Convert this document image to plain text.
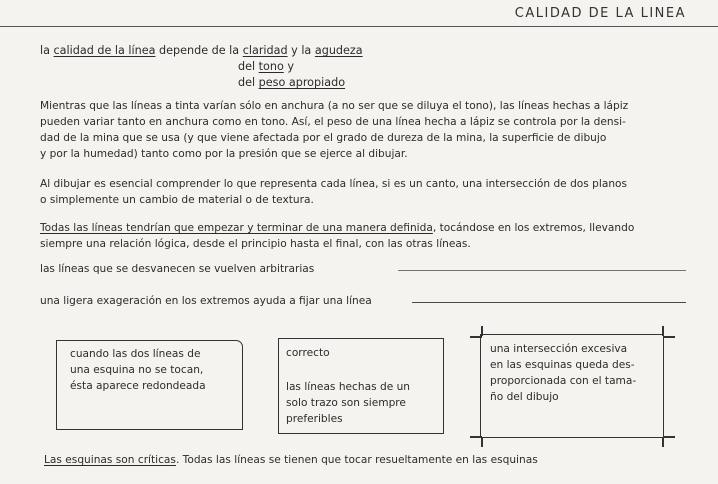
CALIDAD DE LA LINEA
la calidad de la línea depende de la claridad y la agudeza
del tono y
del peso apropiado
Mientras que las líneas a tinta varían sólo en anchura (a no ser que se diluya el tono), las líneas hechas a lápiz
pueden variar tanto en anchura como en tono. Así, el peso de una línea hecha a lápiz se controla por la densi-
dad de la mina que se usa (y que viene afectada por el grado de dureza de la mina, la superficie de dibujo
y por la humedad) tanto como por la presión que se ejerce al dibujar.
Al dibujar es esencial comprender lo que representa cada línea, si es un canto, una intersección de dos planos
o simplemente un cambio de material o de textura.
Todas las líneas tendrían que empezar y terminar de una manera definida, tocándose en los extremos, llevando
siempre una relación lógica, desde el principio hasta el final, con las otras líneas.
las líneas que se desvanecen se vuelven arbitrarias
una ligera exageración en los extremos ayuda a fijar una línea
cuando las dos líneas de
una esquina no se tocan,
ésta aparece redondeada
correcto
las líneas hechas de un
solo trazo son siempre
preferibles
una intersección excesiva
en las esquinas queda des-
proporcionada con el tama-
ño del dibujo
Las esquinas son críticas. Todas las líneas se tienen que tocar resueltamente en las esquinas
